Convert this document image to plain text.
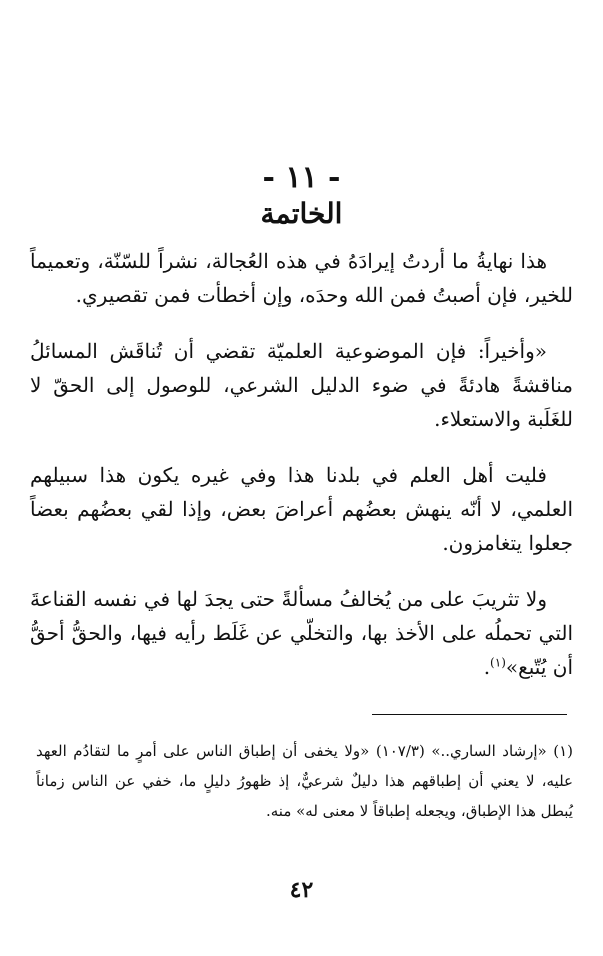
- ١١ -
الخاتمة

هذا نهايةُ ما أردتُ إيرادَهُ في هذه العُجالة، نشراً للسّنّة، وتعميماً للخير، فإن أصبتُ فمن الله وحدَه، وإن أخطأت فمن تقصيري.

«وأخيراً: فإن الموضوعية العلميّة تقضي أن تُناقَش المسائلُ مناقشةً هادئةً في ضوء الدليل الشرعي، للوصول إلى الحقّ لا للغَلَبة والاستعلاء.

فليت أهل العلم في بلدنا هذا وفي غيره يكون هذا سبيلهم العلمي، لا أنّه ينهش بعضُهم أعراضَ بعض، وإذا لقي بعضُهم بعضاً جعلوا يتغامزون.

ولا تثريبَ على من يُخالفُ مسألةً حتى يجدَ لها في نفسه القناعةَ التي تحملُه على الأخذ بها، والتخلّي عن غَلَط رأيه فيها، والحقُّ أحقُّ أن يُتّبع»$^{(١)}$.

(١) «إرشاد الساري..» (١٠٧/٣) «ولا يخفى أن إطباق الناس على أمرٍ ما لتقادُم العهد عليه، لا يعني أن إطباقهم هذا دليلٌ شرعيٌّ، إذ ظهورُ دليلٍ ما، خفي عن الناس زماناً يُبطل هذا الإطباق، ويجعله إطباقاً لا معنى له» منه.

٤٢
